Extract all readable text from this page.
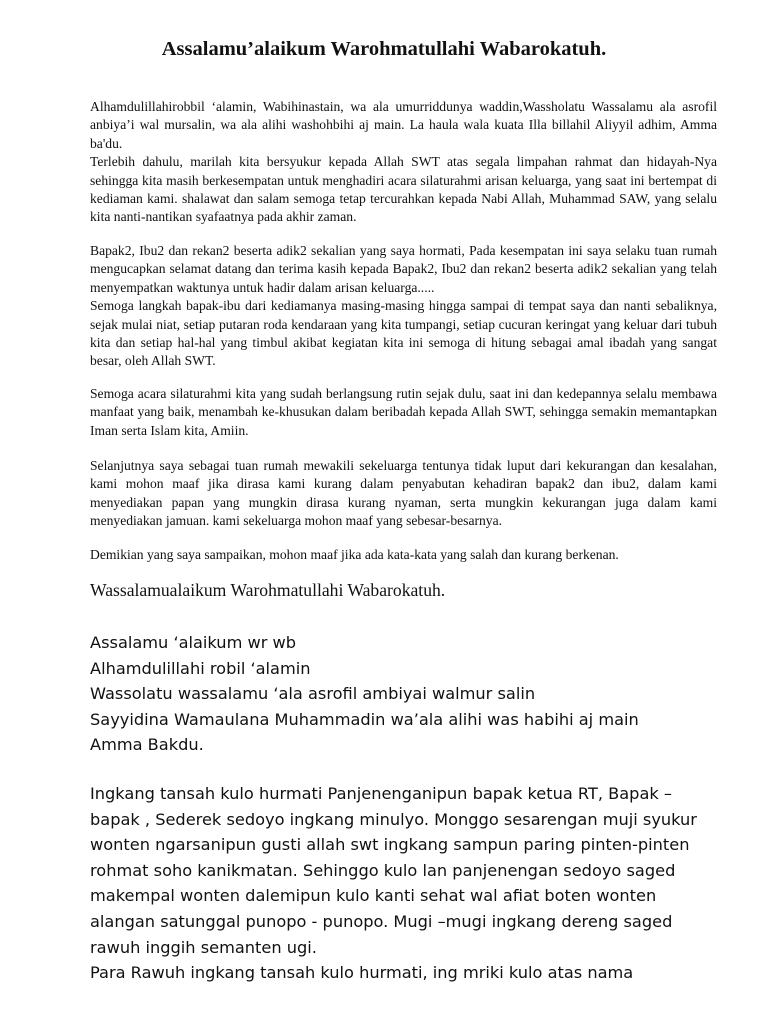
Assalamu’alaikum Warohmatullahi Wabarokatuh.

Alhamdulillahirobbil ‘alamin, Wabihinastain, wa ala umurriddunya waddin,Wassholatu Wassalamu ala asrofil anbiya’i wal mursalin, wa ala alihi washohbihi aj main. La haula wala kuata Illa billahil Aliyyil adhim, Amma ba'du.

Terlebih dahulu, marilah kita bersyukur kepada Allah SWT atas segala limpahan rahmat dan hidayah-Nya sehingga kita masih berkesempatan untuk menghadiri acara silaturahmi arisan keluarga, yang saat ini bertempat di kediaman kami. shalawat dan salam semoga tetap tercurahkan kepada Nabi Allah, Muhammad SAW, yang selalu kita nanti-nantikan syafaatnya pada akhir zaman.

Bapak2, Ibu2 dan rekan2 beserta adik2 sekalian yang saya hormati, Pada kesempatan ini saya selaku tuan rumah mengucapkan selamat datang dan terima kasih kepada Bapak2, Ibu2 dan rekan2 beserta adik2 sekalian yang telah menyempatkan waktunya untuk hadir dalam arisan keluarga.....

Semoga langkah bapak-ibu dari kediamanya masing-masing hingga sampai di tempat saya dan nanti sebaliknya, sejak mulai niat, setiap putaran roda kendaraan yang kita tumpangi, setiap cucuran keringat yang keluar dari tubuh kita dan setiap hal-hal yang timbul akibat kegiatan kita ini semoga di hitung sebagai amal ibadah yang sangat besar, oleh Allah SWT.

Semoga acara silaturahmi kita yang sudah berlangsung rutin sejak dulu, saat ini dan kedepannya selalu membawa manfaat yang baik, menambah ke-khusukan dalam beribadah kepada Allah SWT, sehingga semakin memantapkan Iman serta Islam kita, Amiin.

Selanjutnya saya sebagai tuan rumah mewakili sekeluarga tentunya tidak luput dari kekurangan dan kesalahan, kami mohon maaf jika dirasa kami kurang dalam penyabutan kehadiran bapak2 dan ibu2, dalam kami menyediakan papan yang mungkin dirasa kurang nyaman, serta mungkin kekurangan juga dalam kami menyediakan jamuan. kami sekeluarga mohon maaf yang sebesar-besarnya.

Demikian yang saya sampaikan, mohon maaf jika ada kata-kata yang salah dan kurang berkenan.

Wassalamualaikum Warohmatullahi Wabarokatuh.

Assalamu ‘alaikum wr wb
Alhamdulillahi robil ‘alamin
Wassolatu wassalamu ‘ala asrofil ambiyai walmur salin
Sayyidina Wamaulana Muhammadin wa’ala alihi was habihi aj main
Amma Bakdu.
Ingkang tansah kulo hurmati Panjenenganipun bapak ketua RT, Bapak –
bapak , Sederek sedoyo ingkang minulyo. Monggo sesarengan muji syukur
wonten ngarsanipun gusti allah swt ingkang sampun paring pinten-pinten
rohmat soho kanikmatan. Sehinggo kulo lan panjenengan sedoyo saged
makempal wonten dalemipun kulo kanti sehat wal afiat boten wonten
alangan satunggal punopo - punopo. Mugi –mugi ingkang dereng saged
rawuh inggih semanten ugi.
Para Rawuh ingkang tansah kulo hurmati, ing mriki kulo atas nama
